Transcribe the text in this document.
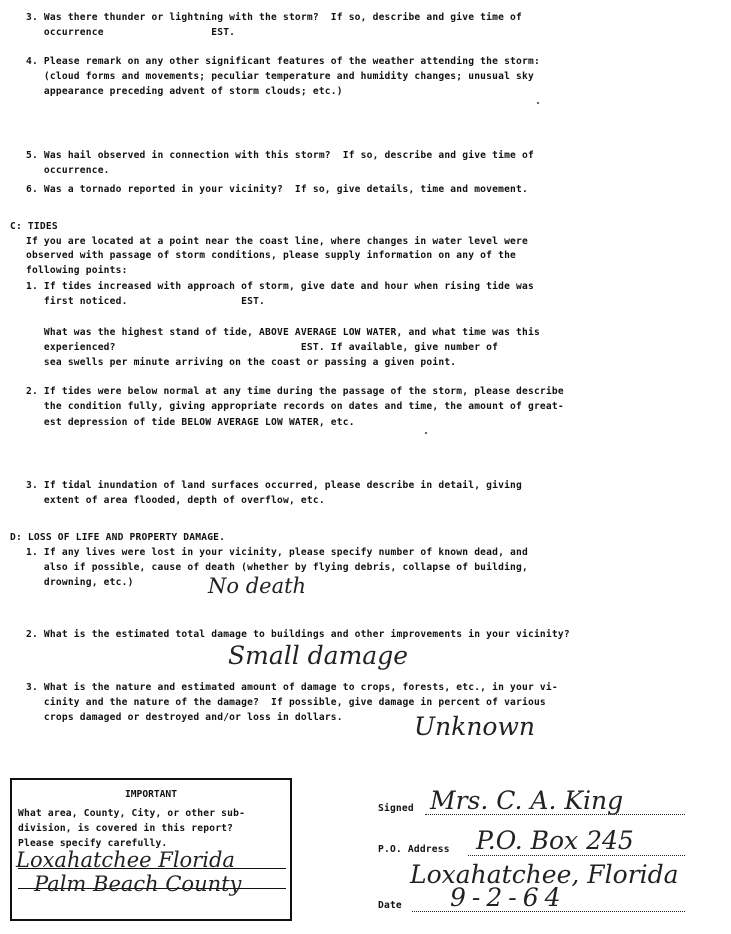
3. Was there thunder or lightning with the storm?  If so, describe and give time of
occurrence                  EST.
4. Please remark on any other significant features of the weather attending the storm:
(cloud forms and movements; peculiar temperature and humidity changes; unusual sky
appearance preceding advent of storm clouds; etc.)
5. Was hail observed in connection with this storm?  If so, describe and give time of
occurrence.
6. Was a tornado reported in your vicinity?  If so, give details, time and movement.
C: TIDES
If you are located at a point near the coast line, where changes in water level were
observed with passage of storm conditions, please supply information on any of the
following points:
1. If tides increased with approach of storm, give date and hour when rising tide was
first noticed.                   EST.
What was the highest stand of tide, ABOVE AVERAGE LOW WATER, and what time was this
experienced?                               EST. If available, give number of
sea swells per minute arriving on the coast or passing a given point.
2. If tides were below normal at any time during the passage of the storm, please describe
the condition fully, giving appropriate records on dates and time, the amount of great-
est depression of tide BELOW AVERAGE LOW WATER, etc.
3. If tidal inundation of land surfaces occurred, please describe in detail, giving
extent of area flooded, depth of overflow, etc.
D: LOSS OF LIFE AND PROPERTY DAMAGE.
1. If any lives were lost in your vicinity, please specify number of known dead, and
also if possible, cause of death (whether by flying debris, collapse of building,
drowning, etc.)	No death
2. What is the estimated total damage to buildings and other improvements in your vicinity?
Small damage
3. What is the nature and estimated amount of damage to crops, forests, etc., in your vi-
cinity and the nature of the damage?  If possible, give damage in percent of various
crops damaged or destroyed and/or loss in dollars.	Unknown
IMPORTANT
What area, County, City, or other sub-
division, is covered in this report?
Please specify carefully.
Loxahatchee Florida
Palm Beach County
Signed Mrs. C. A. King
P.O. Address P.O. Box 245
Loxahatchee, Florida
Date 9-2-64
